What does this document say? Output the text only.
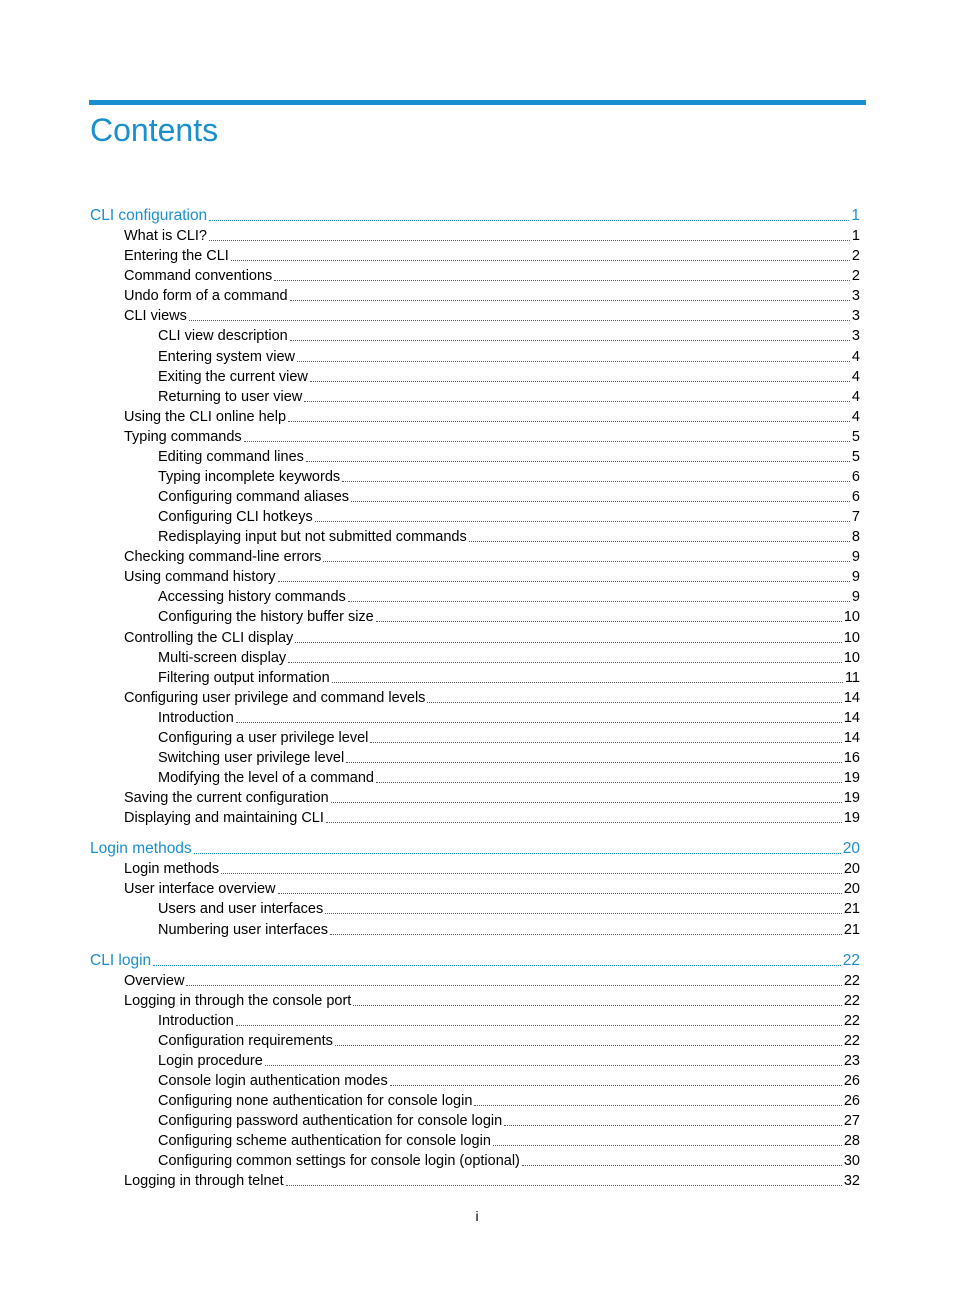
Contents
CLI configuration	1
What is CLI?	1
Entering the CLI	2
Command conventions	2
Undo form of a command	3
CLI views	3
CLI view description	3
Entering system view	4
Exiting the current view	4
Returning to user view	4
Using the CLI online help	4
Typing commands	5
Editing command lines	5
Typing incomplete keywords	6
Configuring command aliases	6
Configuring CLI hotkeys	7
Redisplaying input but not submitted commands	8
Checking command-line errors	9
Using command history	9
Accessing history commands	9
Configuring the history buffer size	10
Controlling the CLI display	10
Multi-screen display	10
Filtering output information	11
Configuring user privilege and command levels	14
Introduction	14
Configuring a user privilege level	14
Switching user privilege level	16
Modifying the level of a command	19
Saving the current configuration	19
Displaying and maintaining CLI	19
Login methods	20
Login methods	20
User interface overview	20
Users and user interfaces	21
Numbering user interfaces	21
CLI login	22
Overview	22
Logging in through the console port	22
Introduction	22
Configuration requirements	22
Login procedure	23
Console login authentication modes	26
Configuring none authentication for console login	26
Configuring password authentication for console login	27
Configuring scheme authentication for console login	28
Configuring common settings for console login (optional)	30
Logging in through telnet	32
i
